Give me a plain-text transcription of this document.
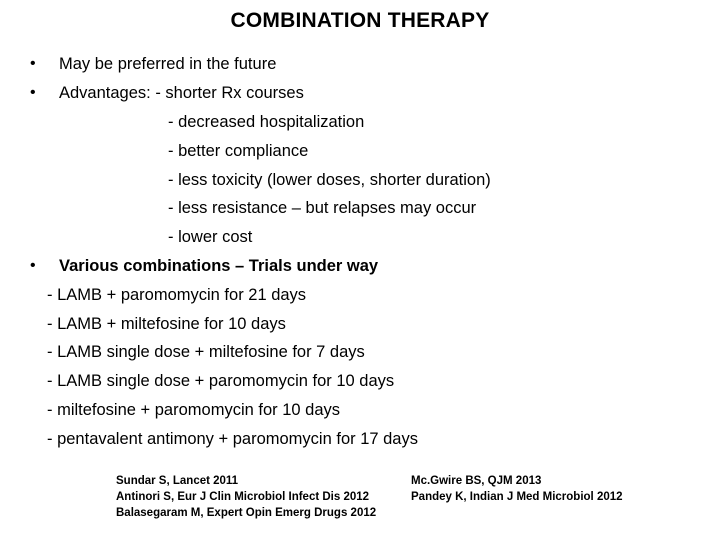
COMBINATION THERAPY
• May be preferred in the future
• Advantages: - shorter Rx courses
- decreased hospitalization
- better compliance
- less toxicity (lower doses, shorter duration)
- less resistance – but relapses may occur
- lower cost
• Various combinations – Trials under way
- LAMB + paromomycin for 21 days
- LAMB + miltefosine for 10 days
- LAMB single dose + miltefosine for 7 days
- LAMB single dose + paromomycin for 10 days
- miltefosine + paromomycin for 10 days
- pentavalent antimony + paromomycin for 17 days
Sundar S, Lancet 2011
Antinori S, Eur J Clin Microbiol Infect Dis 2012
Balasegaram M, Expert Opin Emerg Drugs 2012
Mc.Gwire BS, QJM 2013
Pandey K, Indian J Med Microbiol 2012
